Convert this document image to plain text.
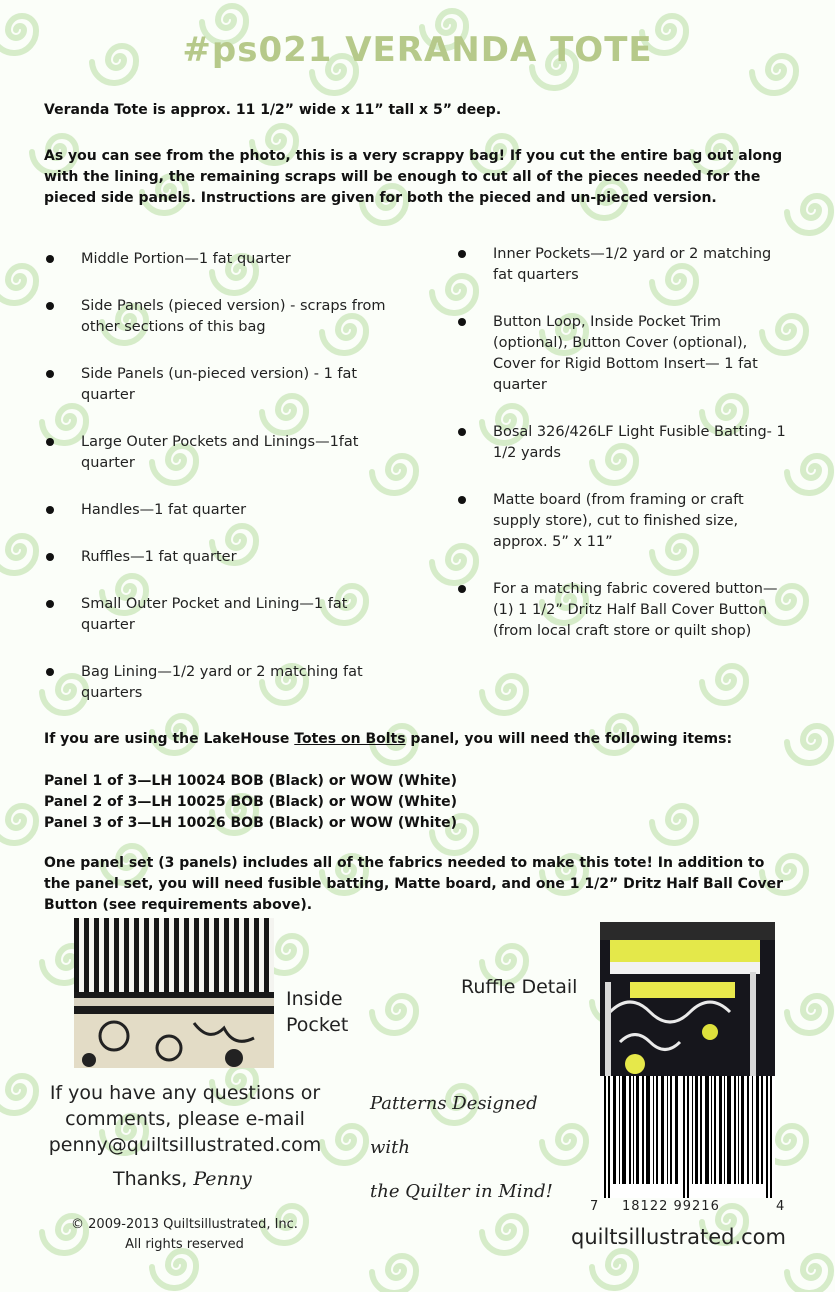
#ps021 VERANDA TOTE

Veranda Tote is approx. 11 1/2” wide x 11” tall x 5” deep.

As you can see from the photo, this is a very scrappy bag! If you cut the entire bag out along with the lining, the remaining scraps will be enough to cut all of the pieces needed for the pieced side panels. Instructions are given for both the pieced and un-pieced version.

Middle Portion—1 fat quarter
Side Panels (pieced version) - scraps from other sections of this bag
Side Panels (un-pieced version) - 1 fat quarter
Large Outer Pockets and Linings—1fat quarter
Handles—1 fat quarter
Ruffles—1 fat quarter
Small Outer Pocket and Lining—1 fat quarter
Bag Lining—1/2 yard or 2 matching fat quarters
Inner Pockets—1/2 yard or 2 matching fat quarters
Button Loop, Inside Pocket Trim (optional), Button Cover (optional), Cover for Rigid Bottom Insert— 1 fat quarter
Bosal 326/426LF Light Fusible Batting- 1 1/2 yards
Matte board (from framing or craft supply store), cut to finished size, approx. 5” x 11”
For a matching fabric covered button—(1) 1 1/2” Dritz Half Ball Cover Button (from local craft store or quilt shop)

If you are using the LakeHouse Totes on Bolts panel, you will need the following items:

Panel 1 of 3—LH 10024 BOB (Black) or WOW (White)
Panel 2 of 3—LH 10025 BOB (Black) or WOW (White)
Panel 3 of 3—LH 10026 BOB (Black) or WOW (White)

One panel set (3 panels) includes all of the fabrics needed to make this tote! In addition to the panel set, you will need fusible batting, Matte board, and one 1 1/2” Dritz Half Ball Cover Button (see requirements above).

Inside
Pocket
Ruffle Detail
7 18122 99216	4
If you have any questions or
comments, please e-mail
penny@quiltsillustrated.com
Thanks, Penny
Patterns Designed with
the Quilter in Mind!
© 2009-2013 Quiltsillustrated, Inc.
All rights reserved	quiltsillustrated.com
